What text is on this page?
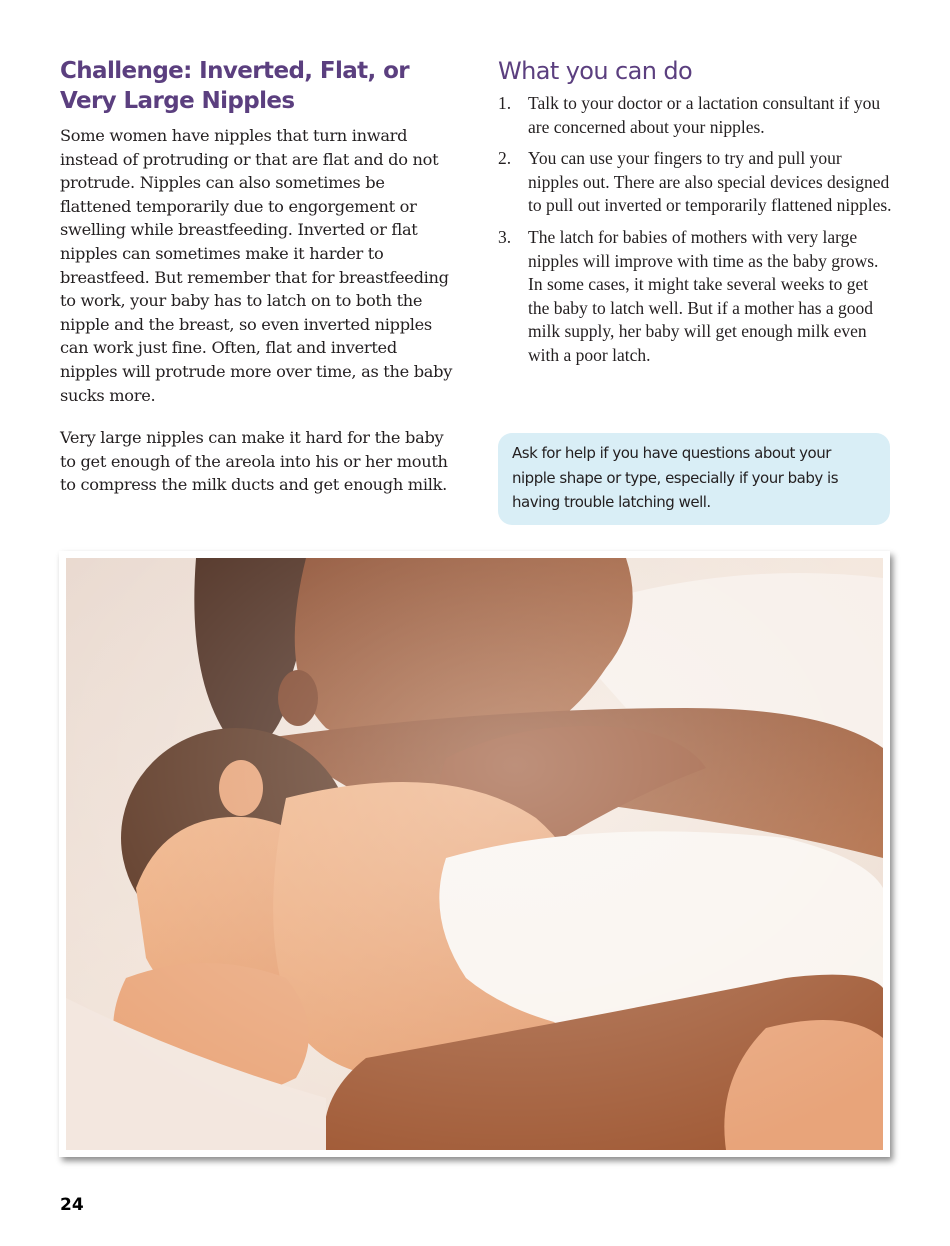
Challenge: Inverted, Flat, or Very Large Nipples

Some women have nipples that turn inward instead of protruding or that are flat and do not protrude. Nipples can also sometimes be flattened temporarily due to engorgement or swelling while breastfeeding. Inverted or flat nipples can sometimes make it harder to breastfeed. But remember that for breastfeeding to work, your baby has to latch on to both the nipple and the breast, so even inverted nipples can work just fine. Often, flat and inverted nipples will protrude more over time, as the baby sucks more.

Very large nipples can make it hard for the baby to get enough of the areola into his or her mouth to compress the milk ducts and get enough milk.

What you can do
1. Talk to your doctor or a lactation consultant if you are concerned about your nipples.
2. You can use your fingers to try and pull your nipples out. There are also special devices designed to pull out inverted or temporarily flattened nipples.
3. The latch for babies of mothers with very large nipples will improve with time as the baby grows. In some cases, it might take several weeks to get the baby to latch well. But if a mother has a good milk supply, her baby will get enough milk even with a poor latch.
Ask for help if you have questions about your nipple shape or type, especially if your baby is having trouble latching well.
24
